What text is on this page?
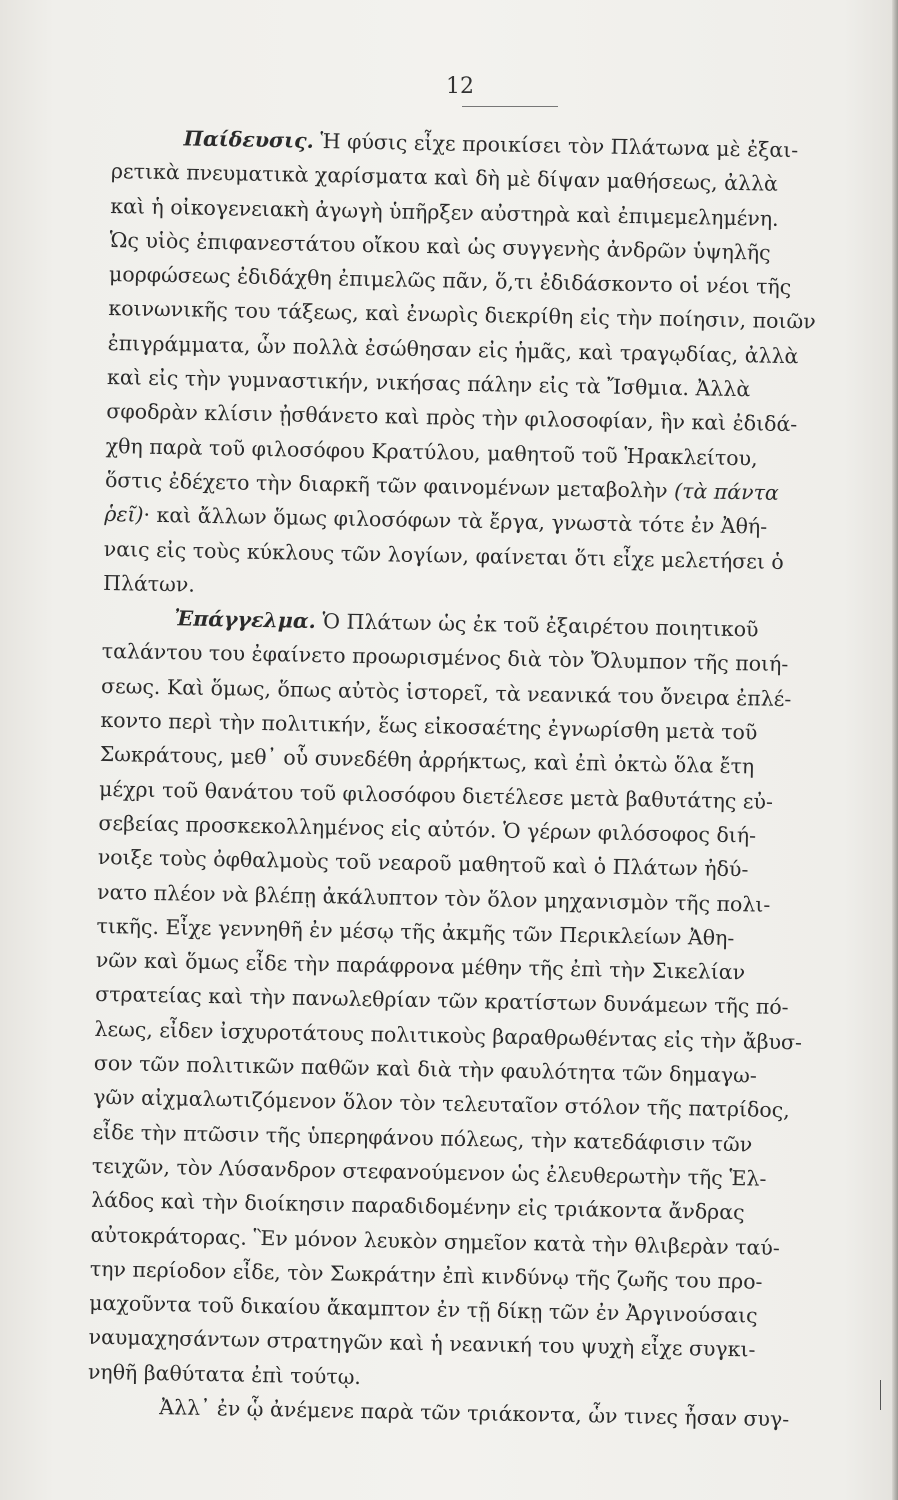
12
Παίδευσις. Ἡ φύσις εἶχε προικίσει τὸν Πλάτωνα μὲ ἐξαι-
ρετικὰ πνευματικὰ χαρίσματα καὶ δὴ μὲ δίψαν μαθήσεως, ἀλλὰ
καὶ ἡ οἰκογενειακὴ ἀγωγὴ ὑπῆρξεν αὐστηρὰ καὶ ἐπιμεμελημένη.
Ὡς υἱὸς ἐπιφανεστάτου οἴκου καὶ ὡς συγγενὴς ἀνδρῶν ὑψηλῆς
μορφώσεως ἐδιδάχθη ἐπιμελῶς πᾶν, ὅ,τι ἐδιδάσκοντο οἱ νέοι τῆς
κοινωνικῆς του τάξεως, καὶ ἐνωρὶς διεκρίθη εἰς τὴν ποίησιν, ποιῶν
ἐπιγράμματα, ὧν πολλὰ ἐσώθησαν εἰς ἡμᾶς, καὶ τραγῳδίας, ἀλλὰ
καὶ εἰς τὴν γυμναστικήν, νικήσας πάλην εἰς τὰ Ἴσθμια. Ἀλλὰ
σφοδρὰν κλίσιν ᾐσθάνετο καὶ πρὸς τὴν φιλοσοφίαν, ἣν καὶ ἐδιδά-
χθη παρὰ τοῦ φιλοσόφου Κρατύλου, μαθητοῦ τοῦ Ἡρακλείτου,
ὅστις ἐδέχετο τὴν διαρκῆ τῶν φαινομένων μεταβολὴν (τὰ πάντα
ῥεῖ)· καὶ ἄλλων ὅμως φιλοσόφων τὰ ἔργα, γνωστὰ τότε ἐν Ἀθή-
ναις εἰς τοὺς κύκλους τῶν λογίων, φαίνεται ὅτι εἶχε μελετήσει ὁ
Πλάτων.
Ἐπάγγελμα. Ὁ Πλάτων ὡς ἐκ τοῦ ἐξαιρέτου ποιητικοῦ
ταλάντου του ἐφαίνετο προωρισμένος διὰ τὸν Ὄλυμπον τῆς ποιή-
σεως. Καὶ ὅμως, ὅπως αὐτὸς ἱστορεῖ, τὰ νεανικά του ὄνειρα ἐπλέ-
κοντο περὶ τὴν πολιτικήν, ἕως εἰκοσαέτης ἐγνωρίσθη μετὰ τοῦ
Σωκράτους, μεθ᾿ οὗ συνεδέθη ἀρρήκτως, καὶ ἐπὶ ὀκτὼ ὅλα ἔτη
μέχρι τοῦ θανάτου τοῦ φιλοσόφου διετέλεσε μετὰ βαθυτάτης εὐ-
σεβείας προσκεκολλημένος εἰς αὐτόν. Ὁ γέρων φιλόσοφος διή-
νοιξε τοὺς ὀφθαλμοὺς τοῦ νεαροῦ μαθητοῦ καὶ ὁ Πλάτων ἠδύ-
νατο πλέον νὰ βλέπῃ ἀκάλυπτον τὸν ὅλον μηχανισμὸν τῆς πολι-
τικῆς. Εἶχε γεννηθῆ ἐν μέσῳ τῆς ἀκμῆς τῶν Περικλείων Ἀθη-
νῶν καὶ ὅμως εἶδε τὴν παράφρονα μέθην τῆς ἐπὶ τὴν Σικελίαν
στρατείας καὶ τὴν πανωλεθρίαν τῶν κρατίστων δυνάμεων τῆς πό-
λεως, εἶδεν ἰσχυροτάτους πολιτικοὺς βαραθρωθέντας εἰς τὴν ἄβυσ-
σον τῶν πολιτικῶν παθῶν καὶ διὰ τὴν φαυλότητα τῶν δημαγω-
γῶν αἰχμαλωτιζόμενον ὅλον τὸν τελευταῖον στόλον τῆς πατρίδος,
εἶδε τὴν πτῶσιν τῆς ὑπερηφάνου πόλεως, τὴν κατεδάφισιν τῶν
τειχῶν, τὸν Λύσανδρον στεφανούμενον ὡς ἐλευθερωτὴν τῆς Ἑλ-
λάδος καὶ τὴν διοίκησιν παραδιδομένην εἰς τριάκοντα ἄνδρας
αὐτοκράτορας. Ἓν μόνον λευκὸν σημεῖον κατὰ τὴν θλιβερὰν ταύ-
την περίοδον εἶδε, τὸν Σωκράτην ἐπὶ κινδύνῳ τῆς ζωῆς του προ-
μαχοῦντα τοῦ δικαίου ἄκαμπτον ἐν τῇ δίκῃ τῶν ἐν Ἀργινούσαις
ναυμαχησάντων στρατηγῶν καὶ ἡ νεανική του ψυχὴ εἶχε συγκι-
νηθῆ βαθύτατα ἐπὶ τούτῳ.
Ἀλλ᾿ ἐν ᾧ ἀνέμενε παρὰ τῶν τριάκοντα, ὧν τινες ἦσαν συγ-
